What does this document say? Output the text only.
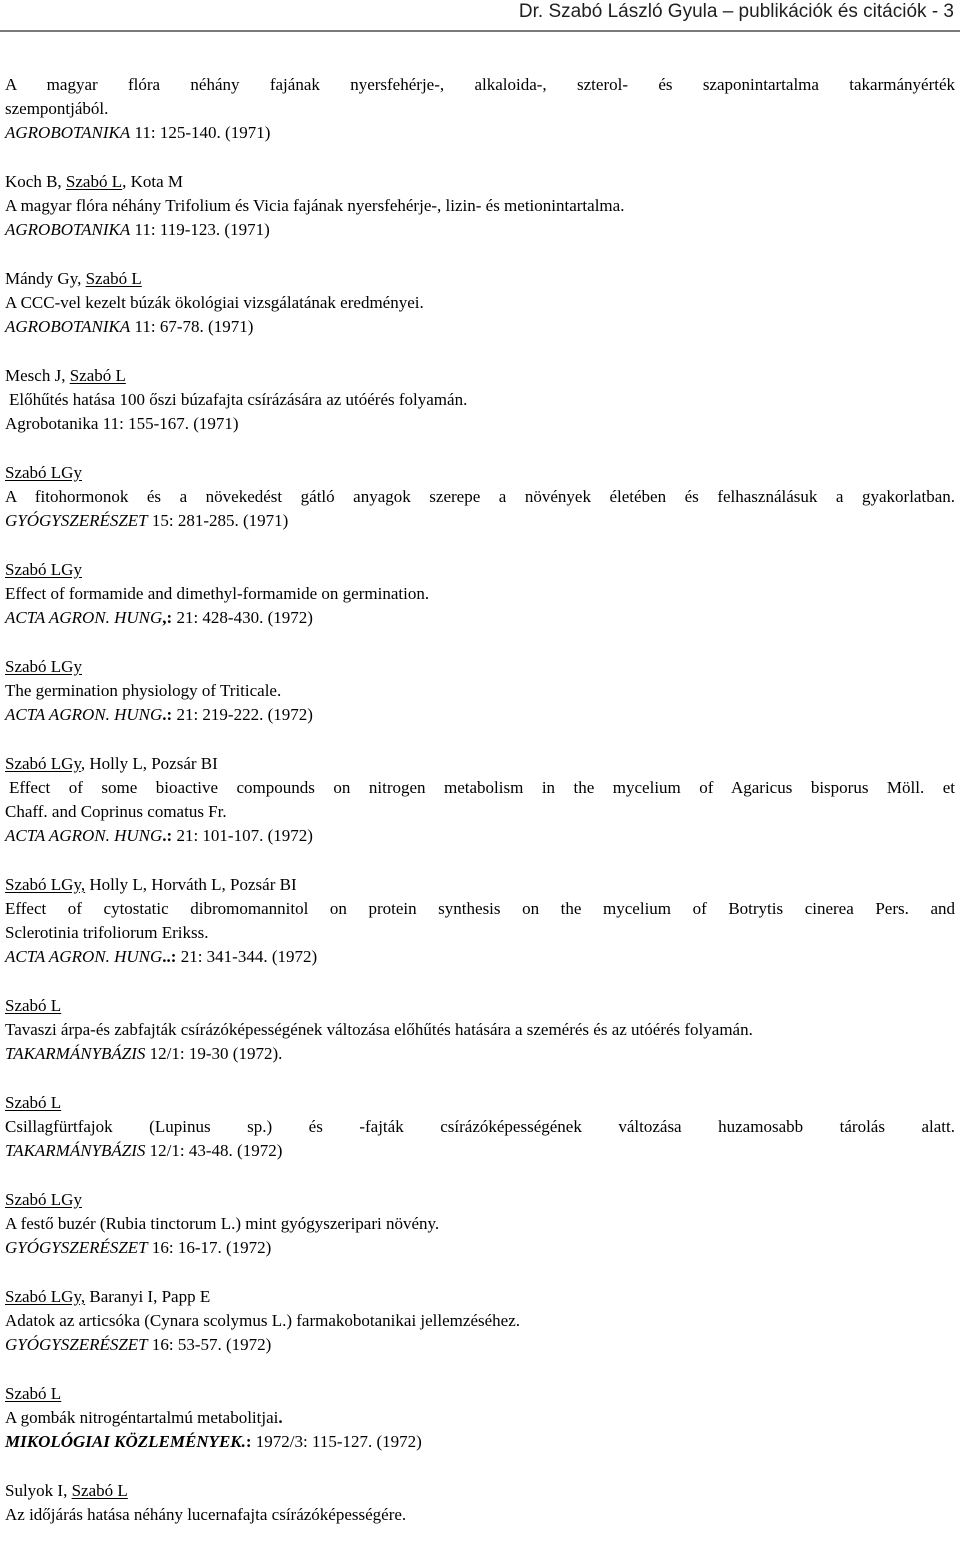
Dr. Szabó László Gyula – publikációk és citációk - 3
A magyar flóra néhány fajának nyersfehérje-, alkaloida-, szterol- és szaponintartalma takarmányérték
szempontjából.
AGROBOTANIKA 11: 125-140. (1971)
Koch B, Szabó L, Kota M
A magyar flóra néhány Trifolium és Vicia fajának nyersfehérje-, lizin- és metionintartalma.
AGROBOTANIKA 11: 119-123. (1971)
Mándy Gy, Szabó L
A CCC-vel kezelt búzák ökológiai vizsgálatának eredményei.
AGROBOTANIKA 11: 67-78. (1971)
Mesch J, Szabó L
Előhűtés hatása 100 őszi búzafajta csírázására az utóérés folyamán.
Agrobotanika 11: 155-167. (1971)
Szabó LGy
A fitohormonok és a növekedést gátló anyagok szerepe a növények életében és felhasználásuk a gyakorlatban.
GYÓGYSZERÉSZET 15: 281-285. (1971)
Szabó LGy
Effect of formamide and dimethyl-formamide on germination.
ACTA AGRON. HUNG,: 21: 428-430. (1972)
Szabó LGy
The germination physiology of Triticale.
ACTA AGRON. HUNG.: 21: 219-222. (1972)
Szabó LGy, Holly L, Pozsár BI
Effect of some bioactive compounds on nitrogen metabolism in the mycelium of Agaricus bisporus Möll. et
Chaff. and Coprinus comatus Fr.
ACTA AGRON. HUNG.: 21: 101-107. (1972)
Szabó LGy, Holly L, Horváth L, Pozsár BI
Effect of cytostatic dibromomannitol on protein synthesis on the mycelium of Botrytis cinerea Pers. and
Sclerotinia trifoliorum Erikss.
ACTA AGRON. HUNG..: 21: 341-344. (1972)
Szabó L
Tavaszi árpa-és zabfajták csírázóképességének változása előhűtés hatására a szemérés és az utóérés folyamán.
TAKARMÁNYBÁZIS 12/1: 19-30 (1972).
Szabó L
Csillagfürtfajok (Lupinus sp.) és -fajták csírázóképességének változása huzamosabb tárolás alatt.
TAKARMÁNYBÁZIS 12/1: 43-48. (1972)
Szabó LGy
A festő buzér (Rubia tinctorum L.) mint gyógyszeripari növény.
GYÓGYSZERÉSZET 16: 16-17. (1972)
Szabó LGy, Baranyi I, Papp E
Adatok az articsóka (Cynara scolymus L.) farmakobotanikai jellemzéséhez.
GYÓGYSZERÉSZET 16: 53-57. (1972)
Szabó L
A gombák nitrogéntartalmú metabolitjai.
MIKOLÓGIAI KÖZLEMÉNYEK.: 1972/3: 115-127. (1972)
Sulyok I, Szabó L
Az időjárás hatása néhány lucernafajta csírázóképességére.
